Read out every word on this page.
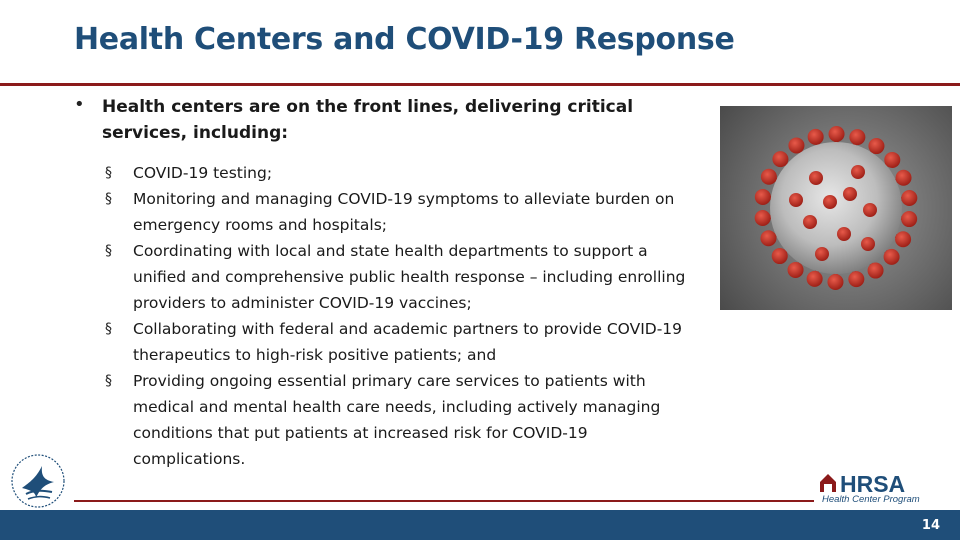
Health Centers and COVID-19 Response
• Health centers are on the front lines, delivering critical services, including:
§	COVID-19 testing;
§	Monitoring and managing COVID-19 symptoms to alleviate burden on emergency rooms and hospitals;
§	Coordinating with local and state health departments to support a unified and comprehensive public health response – including enrolling providers to administer COVID-19 vaccines;
§	Collaborating with federal and academic partners to provide COVID-19 therapeutics to high-risk positive patients; and
§	Providing ongoing essential primary care services to patients with medical and mental health care needs, including actively managing conditions that put patients at increased risk for COVID-19 complications.
HRSA
Health Center Program
14
